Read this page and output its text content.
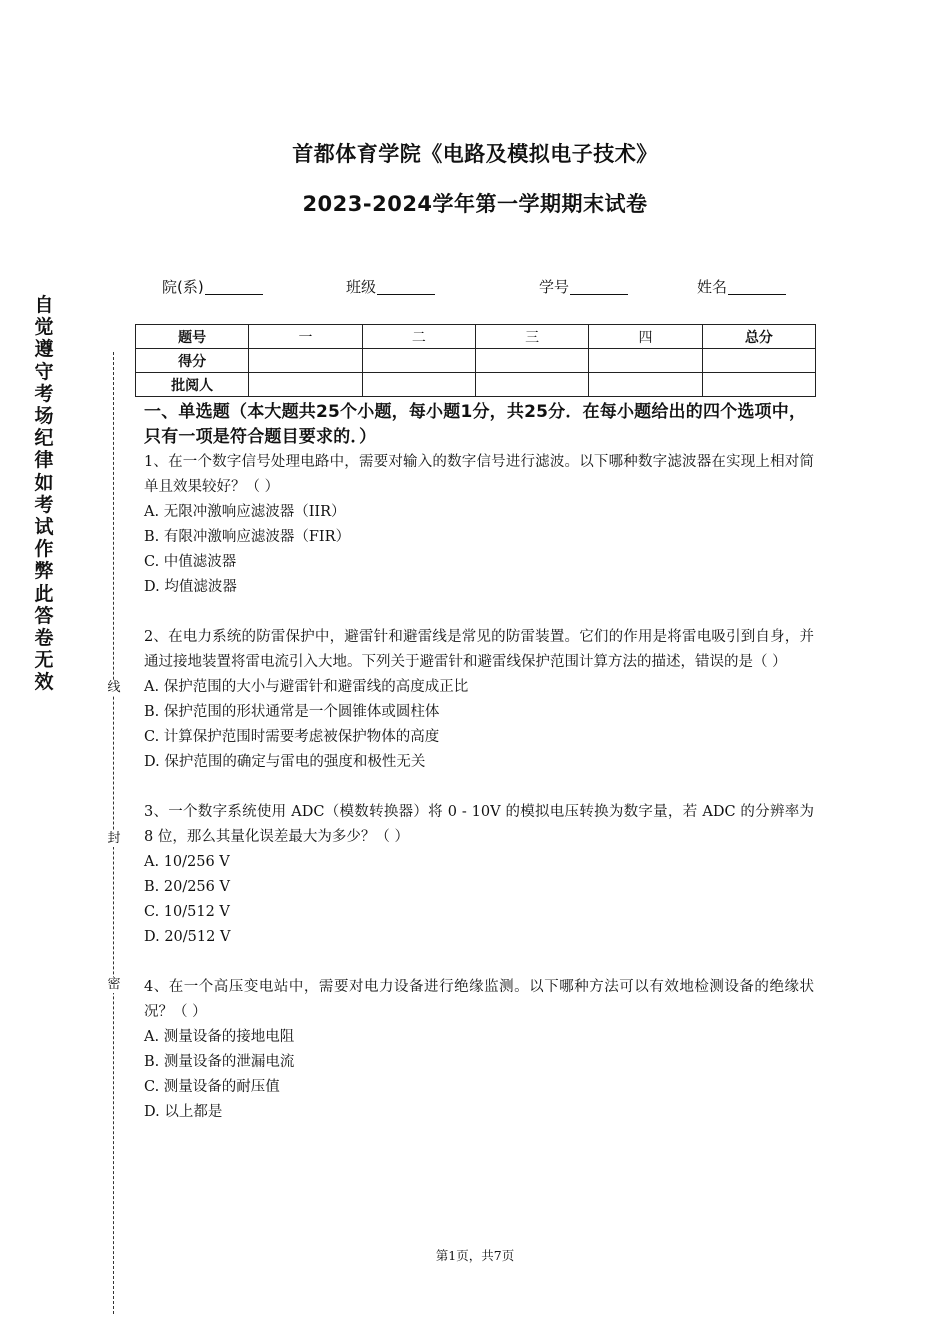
首都体育学院《电路及模拟电子技术》
2023-2024学年第一学期期末试卷
院(系)	班级	学号	姓名
题号	一	二	三	四	总分
得分					
批阅人					
自觉遵守考场纪律如考试作弊此答卷无效	线
封
密
一、单选题（本大题共25个小题，每小题1分，共25分．在每小题给出的四个选项中，只有一项是符合题目要求的．）
1、在一个数字信号处理电路中，需要对输入的数字信号进行滤波。以下哪种数字滤波器在实现上相对简单且效果较好？（ ）
A. 无限冲激响应滤波器（IIR）
B. 有限冲激响应滤波器（FIR）
C. 中值滤波器
D. 均值滤波器
2、在电力系统的防雷保护中，避雷针和避雷线是常见的防雷装置。它们的作用是将雷电吸引到自身，并通过接地装置将雷电流引入大地。下列关于避雷针和避雷线保护范围计算方法的描述，错误的是（ ）
A. 保护范围的大小与避雷针和避雷线的高度成正比
B. 保护范围的形状通常是一个圆锥体或圆柱体
C. 计算保护范围时需要考虑被保护物体的高度
D. 保护范围的确定与雷电的强度和极性无关
3、一个数字系统使用 ADC（模数转换器）将 0 - 10V 的模拟电压转换为数字量，若 ADC 的分辨率为 8 位，那么其量化误差最大为多少？（ ）
A. 10/256 V
B. 20/256 V
C. 10/512 V
D. 20/512 V
4、在一个高压变电站中，需要对电力设备进行绝缘监测。以下哪种方法可以有效地检测设备的绝缘状况？（ ）
A. 测量设备的接地电阻
B. 测量设备的泄漏电流
C. 测量设备的耐压值
D. 以上都是
第1页，共7页
